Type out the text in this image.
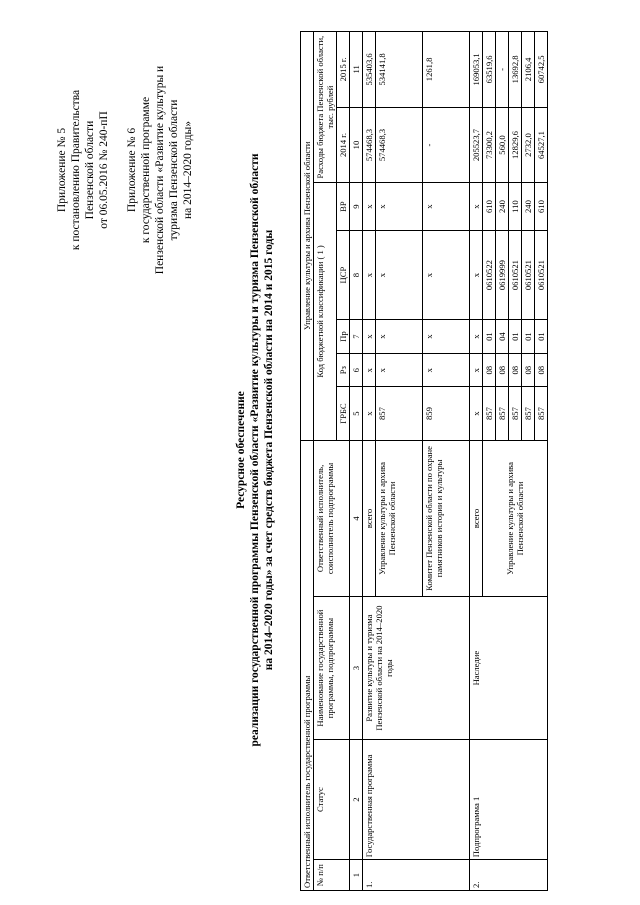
Приложение № 5 к постановлению Правительства Пензенской области от 06.05.2016 № 240-пП Приложение № 6 к государственной программе Пензенской области «Развитие культуры и туризма Пензенской области на 2014–2020 годы»
Ресурсное обеспечение реализации государственной программы Пензенской области «Развитие культуры и туризма Пензенской области на 2014–2020 годы» за счет средств бюджета Пензенской области на 2014 и 2015 годы
Ответственный исполнитель государственной программы				Управление культуры и архива Пензенской области						
№ п/п	Статус	Наименование государственной программы, подпрограммы	Ответственный исполнитель, соисполнитель подпрограммы	Код бюджетной классификации ( 1 )					Расходы бюджета Пензенской области, тыс. рублей	
				ГРБС	Рз	Пр	ЦСР	ВР	2014 г.	2015 г.
1	2	3	4	5	6	7	8	9	10	11
1.	Государственная программа	Развитие культуры и туризма Пензенской области на 2014–2020 годы	всего	х	х	х	х	х	574468,3	535403,6
			Управление культуры и архива Пензенской области	857	х	х	х	х	574468,3	534141,8
			Комитет Пензенской области по охране памятников истории и культуры	859	х	х	х	х	-	1261,8
2.	Подпрограмма 1	Наследие	всего	х	х	х	х	х	205523,7	169053,1
			Управление культуры и архива Пензенской области	857	08	01	0610522	610	73300,2	63519,6
				857	08	04	0619999	240	560,0	-
				857	08	01	0610521	110	12829,6	13692,8
				857	08	01	0610521	240	2732,0	2106,4
				857	08	01	0610521	610	64527,1	60742,5
